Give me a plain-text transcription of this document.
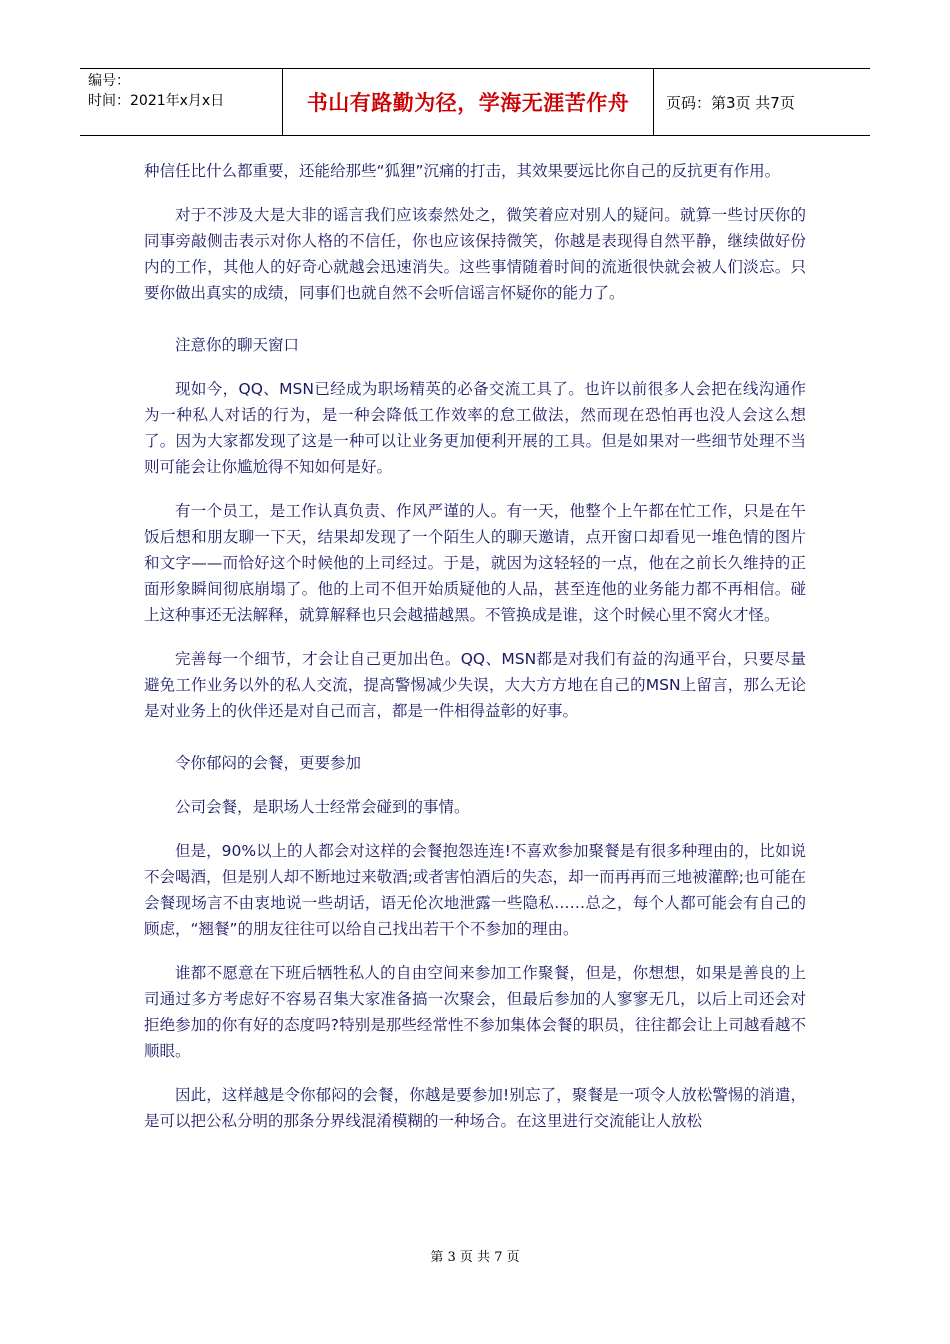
编号：
时间：2021年x月x日	书山有路勤为径，学海无涯苦作舟 页码：第3页 共7页

种信任比什么都重要，还能给那些“狐狸”沉痛的打击，其效果要远比你自己的反抗更有作用。

对于不涉及大是大非的谣言我们应该泰然处之，微笑着应对别人的疑问。就算一些讨厌你的同事旁敲侧击表示对你人格的不信任，你也应该保持微笑，你越是表现得自然平静，继续做好份内的工作，其他人的好奇心就越会迅速消失。这些事情随着时间的流逝很快就会被人们淡忘。只要你做出真实的成绩，同事们也就自然不会听信谣言怀疑你的能力了。

注意你的聊天窗口

现如今，QQ、MSN已经成为职场精英的必备交流工具了。也许以前很多人会把在线沟通作为一种私人对话的行为，是一种会降低工作效率的怠工做法，然而现在恐怕再也没人会这么想了。因为大家都发现了这是一种可以让业务更加便利开展的工具。但是如果对一些细节处理不当则可能会让你尴尬得不知如何是好。

有一个员工，是工作认真负责、作风严谨的人。有一天，他整个上午都在忙工作，只是在午饭后想和朋友聊一下天，结果却发现了一个陌生人的聊天邀请，点开窗口却看见一堆色情的图片和文字——而恰好这个时候他的上司经过。于是，就因为这轻轻的一点，他在之前长久维持的正面形象瞬间彻底崩塌了。他的上司不但开始质疑他的人品，甚至连他的业务能力都不再相信。碰上这种事还无法解释，就算解释也只会越描越黑。不管换成是谁，这个时候心里不窝火才怪。

完善每一个细节，才会让自己更加出色。QQ、MSN都是对我们有益的沟通平台，只要尽量避免工作业务以外的私人交流，提高警惕减少失误，大大方方地在自己的MSN上留言，那么无论是对业务上的伙伴还是对自己而言，都是一件相得益彰的好事。

令你郁闷的会餐，更要参加

公司会餐，是职场人士经常会碰到的事情。

但是，90%以上的人都会对这样的会餐抱怨连连!不喜欢参加聚餐是有很多种理由的，比如说不会喝酒，但是别人却不断地过来敬酒;或者害怕酒后的失态，却一而再再而三地被灌醉;也可能在会餐现场言不由衷地说一些胡话，语无伦次地泄露一些隐私……总之，每个人都可能会有自己的顾虑，“翘餐”的朋友往往可以给自己找出若干个不参加的理由。

谁都不愿意在下班后牺牲私人的自由空间来参加工作聚餐，但是，你想想，如果是善良的上司通过多方考虑好不容易召集大家准备搞一次聚会，但最后参加的人寥寥无几，以后上司还会对拒绝参加的你有好的态度吗?特别是那些经常性不参加集体会餐的职员，往往都会让上司越看越不顺眼。

因此，这样越是令你郁闷的会餐，你越是要参加!别忘了，聚餐是一项令人放松警惕的消遣，是可以把公私分明的那条分界线混淆模糊的一种场合。在这里进行交流能让人放松

第 3 页 共 7 页
